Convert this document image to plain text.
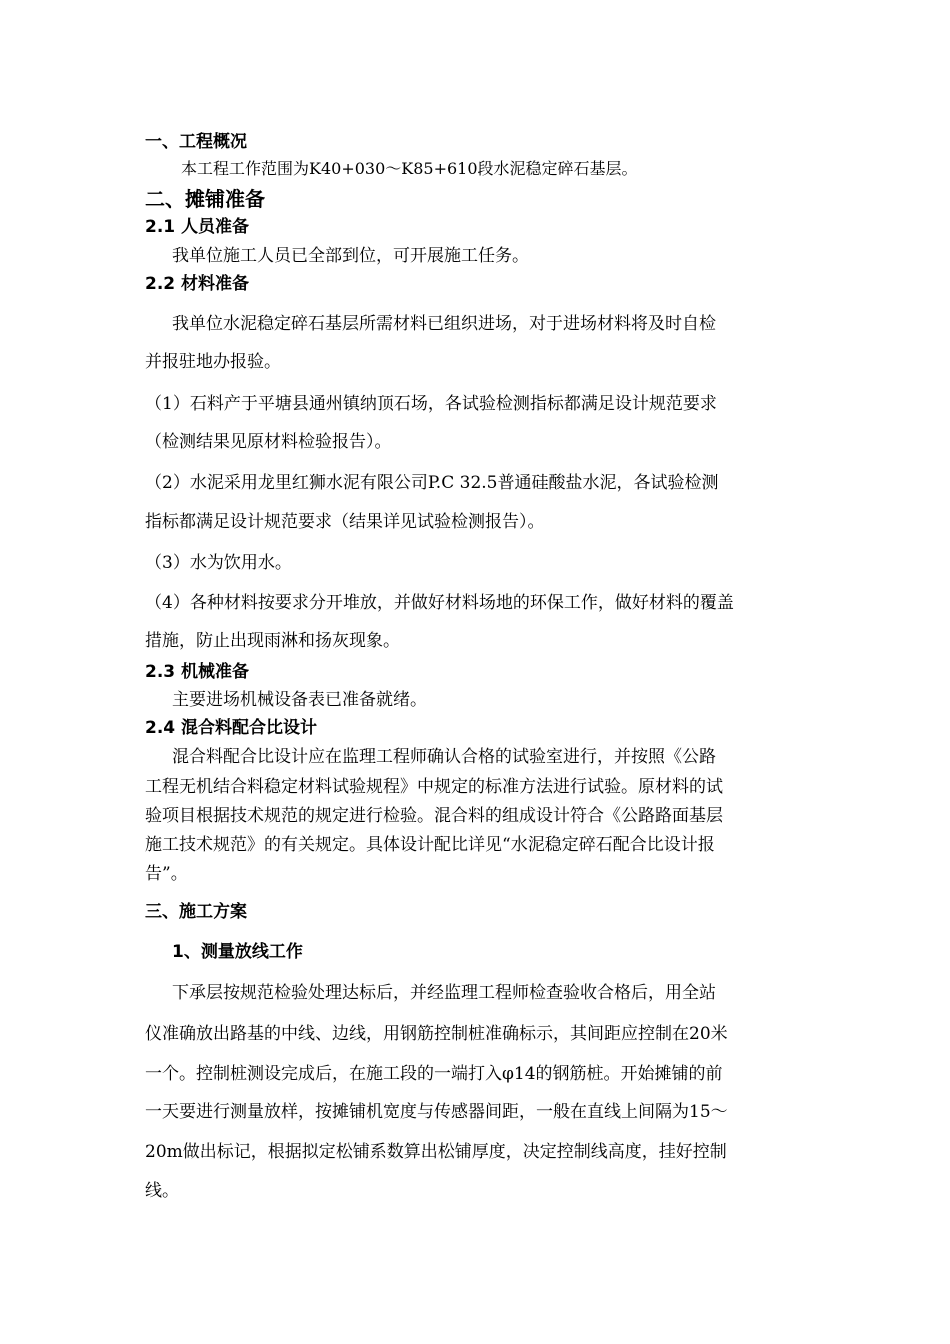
一、工程概况
本工程工作范围为K40+030～K85+610段水泥稳定碎石基层。
二、摊铺准备
2.1 人员准备
我单位施工人员已全部到位，可开展施工任务。
2.2 材料准备
我单位水泥稳定碎石基层所需材料已组织进场，对于进场材料将及时自检
并报驻地办报验。
（1）石料产于平塘县通州镇纳顶石场，各试验检测指标都满足设计规范要求
（检测结果见原材料检验报告）。
（2）水泥采用龙里红狮水泥有限公司P.C 32.5普通硅酸盐水泥，各试验检测
指标都满足设计规范要求（结果详见试验检测报告）。
（3）水为饮用水。
（4）各种材料按要求分开堆放，并做好材料场地的环保工作，做好材料的覆盖
措施，防止出现雨淋和扬灰现象。
2.3 机械准备
主要进场机械设备表已准备就绪。
2.4 混合料配合比设计
混合料配合比设计应在监理工程师确认合格的试验室进行，并按照《公路
工程无机结合料稳定材料试验规程》中规定的标准方法进行试验。原材料的试
验项目根据技术规范的规定进行检验。混合料的组成设计符合《公路路面基层
施工技术规范》的有关规定。具体设计配比详见“水泥稳定碎石配合比设计报
告”。
三、施工方案
1、测量放线工作
下承层按规范检验处理达标后，并经监理工程师检查验收合格后，用全站
仪准确放出路基的中线、边线，用钢筋控制桩准确标示，其间距应控制在20米
一个。控制桩测设完成后，在施工段的一端打入φ14的钢筋桩。开始摊铺的前
一天要进行测量放样，按摊铺机宽度与传感器间距，一般在直线上间隔为15～
20m做出标记，根据拟定松铺系数算出松铺厚度，决定控制线高度，挂好控制
线。
